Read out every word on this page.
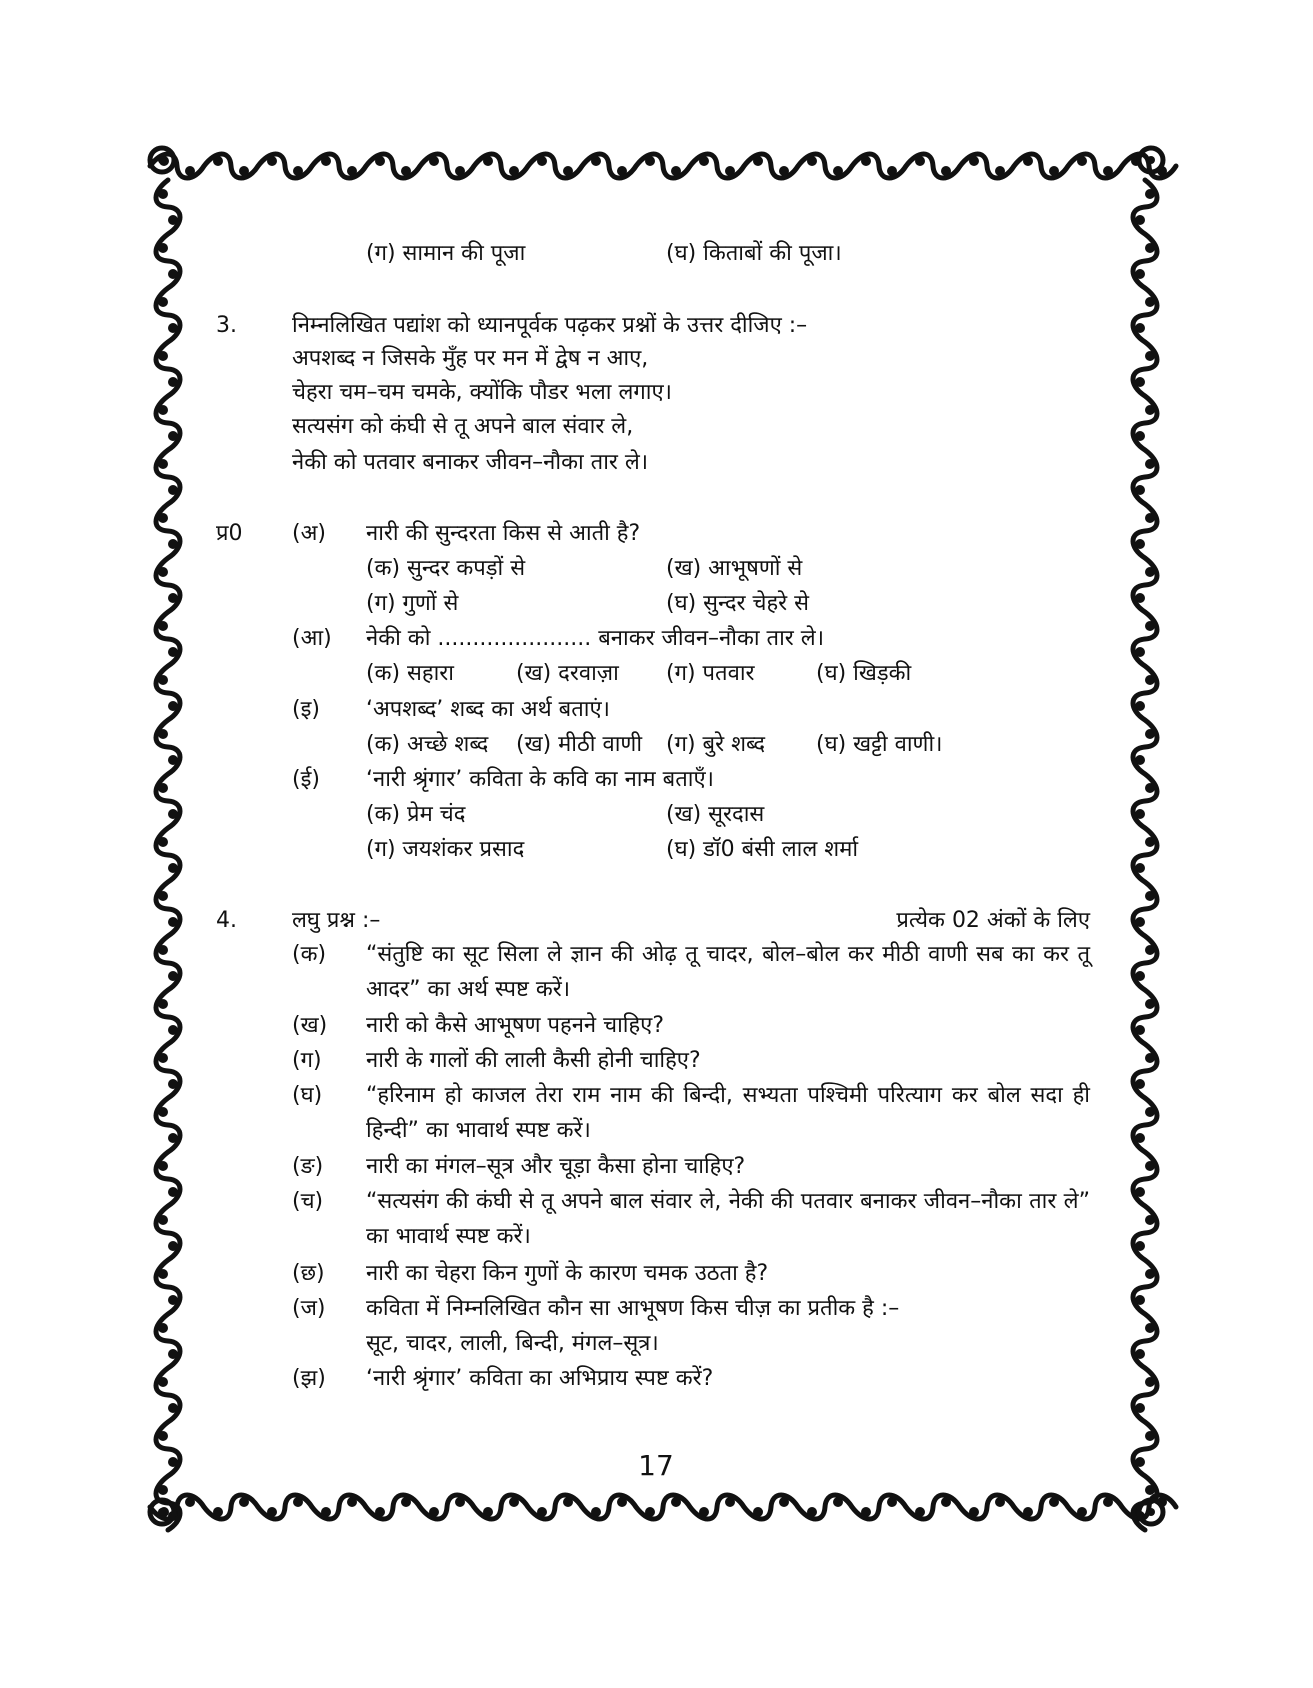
(ग) सामान की पूजा	(घ) किताबों की पूजा।
3.	निम्नलिखित पद्यांश को ध्यानपूर्वक पढ़कर प्रश्नों के उत्तर दीजिए :–
अपशब्द न जिसके मुँह पर मन में द्वेष न आए,
चेहरा चम–चम चमके, क्योंकि पौडर भला लगाए।
सत्यसंग को कंघी से तू अपने बाल संवार ले,
नेकी को पतवार बनाकर जीवन–नौका तार ले।
प्र0 (अ) नारी की सुन्दरता किस से आती है?
(क) सुन्दर कपड़ों से	(ख) आभूषणों से
(ग) गुणों से	(घ) सुन्दर चेहरे से
(आ) नेकी को ...................... बनाकर जीवन–नौका तार ले।
(क) सहारा	(ख) दरवाज़ा (ग) पतवार	(घ) खिड़की
(इ) ‘अपशब्द’ शब्द का अर्थ बताएं।
(क) अच्छे शब्द (ख) मीठी वाणी (ग) बुरे शब्द (घ) खट्टी वाणी।
(ई) ‘नारी श्रृंगार’ कविता के कवि का नाम बताएँ।
(क) प्रेम चंद	(ख) सूरदास
(ग) जयशंकर प्रसाद	(घ) डॉ0 बंसी लाल शर्मा
4.	लघु प्रश्न :–	प्रत्येक 02 अंकों के लिए
(क) “संतुष्टि का सूट सिला ले ज्ञान की ओढ़ तू चादर, बोल–बोल कर मीठी वाणी सब का कर तू आदर” का अर्थ स्पष्ट करें।
(ख) नारी को कैसे आभूषण पहनने चाहिए?
(ग) नारी के गालों की लाली कैसी होनी चाहिए?
(घ) “हरिनाम हो काजल तेरा राम नाम की बिन्दी, सभ्यता पश्चिमी परित्याग कर बोल सदा ही हिन्दी” का भावार्थ स्पष्ट करें।
(ङ) नारी का मंगल–सूत्र और चूड़ा कैसा होना चाहिए?
(च) “सत्यसंग की कंघी से तू अपने बाल संवार ले, नेकी की पतवार बनाकर जीवन–नौका तार ले” का भावार्थ स्पष्ट करें।
(छ) नारी का चेहरा किन गुणों के कारण चमक उठता है?
(ज) कविता में निम्नलिखित कौन सा आभूषण किस चीज़ का प्रतीक है :–
सूट, चादर, लाली, बिन्दी, मंगल–सूत्र।
(झ) ‘नारी श्रृंगार’ कविता का अभिप्राय स्पष्ट करें?
17
